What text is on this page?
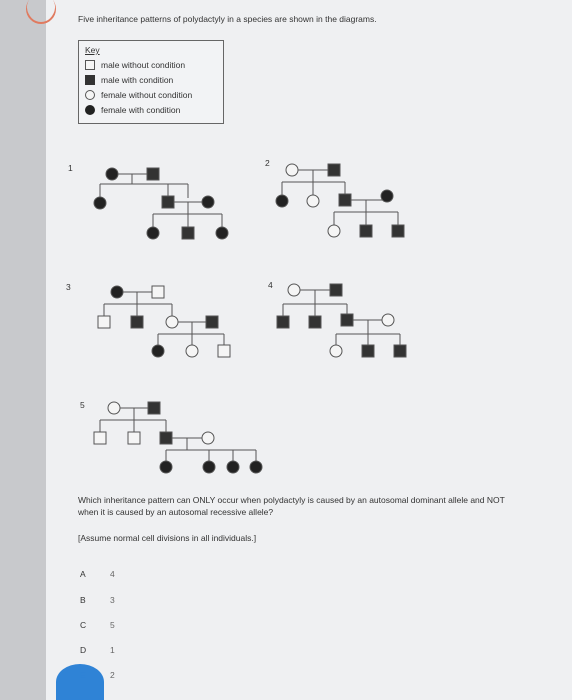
Five inheritance patterns of polydactyly in a species are shown in the diagrams.
Key
male without condition
male with condition
female without condition
female with condition
1	2
3	4
5
Which inheritance pattern can ONLY occur when polydactyly is caused by an autosomal dominant allele and NOT when it is caused by an autosomal recessive allele?
[Assume normal cell divisions in all individuals.]
A	4
B	3
C	5
D	1
E	2
